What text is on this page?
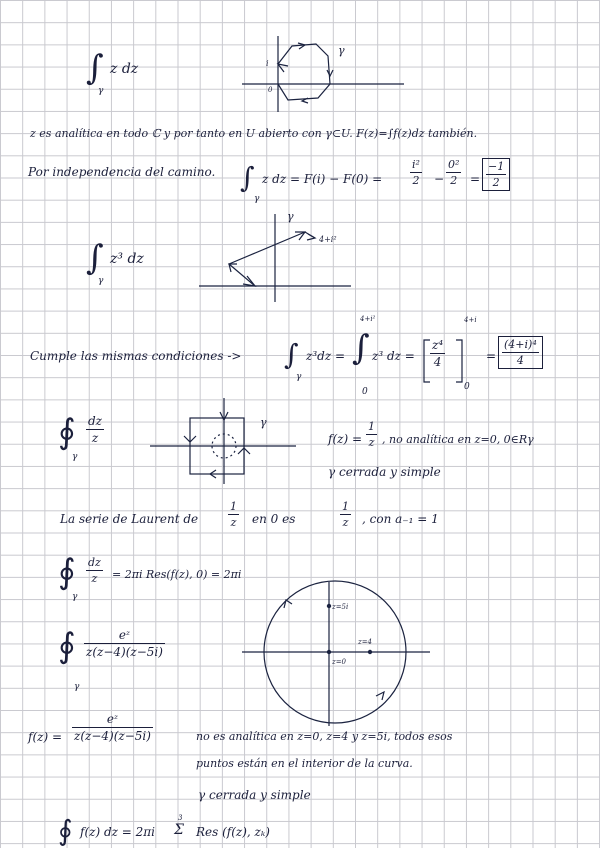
∫
γ
z dz
γ
i
0
z es analítica en todo ℂ y por tanto en U abierto con γ⊂U. F(z)=∫f(z)dz también.
Por independencia del camino. ∫
γ
z dz = F(i) − F(0) =
i²
2 −
0²
2 =
−1
2
∫
γ
z³ dz
γ
4+i²
Cumple las mismas condiciones -> ∫
γ
z³dz =
4+i²
∫
0
z³ dz =
z⁴
4
4+i
0
=
(4+i)⁴
4
∮
γ
dz
z
γ
f(z) =
1
z , no analítica en z=0, 0∈Rγ
γ cerrada y simple
La serie de Laurent de
1
z en 0 es
1
z , con a₋₁ = 1
∮
γ
dz
z = 2πi Res(f(z), 0) = 2πi
∮
γ
eᶻ
z(z−4)(z−5i)
z=5i
z=4
z=0
f(z) =
eᶻ
z(z−4)(z−5i)	no es analítica en z=0, z=4 y z=5i, todos esos
puntos están en el interior de la curva.
γ cerrada y simple
∮ f(z) dz = 2πi
3
Σ Res (f(z), zₖ)
